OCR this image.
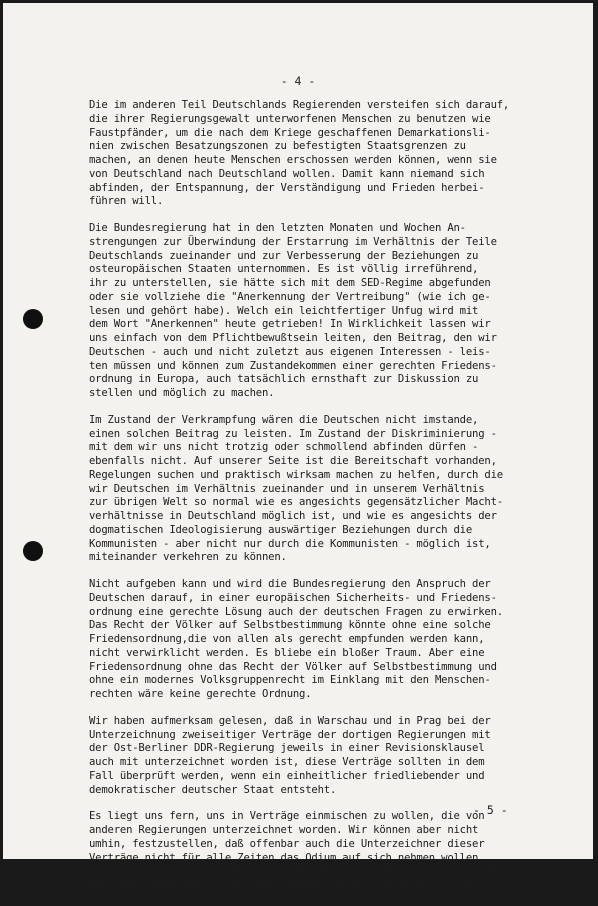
- 4 -

Die im anderen Teil Deutschlands Regierenden versteifen sich darauf,
die ihrer Regierungsgewalt unterworfenen Menschen zu benutzen wie
Faustpfänder, um die nach dem Kriege geschaffenen Demarkationsli-
nien zwischen Besatzungszonen zu befestigten Staatsgrenzen zu
machen, an denen heute Menschen erschossen werden können, wenn sie
von Deutschland nach Deutschland wollen. Damit kann niemand sich
abfinden, der Entspannung, der Verständigung und Frieden herbei-
führen will.
Die Bundesregierung hat in den letzten Monaten und Wochen An-
strengungen zur Überwindung der Erstarrung im Verhältnis der Teile
Deutschlands zueinander und zur Verbesserung der Beziehungen zu
osteuropäischen Staaten unternommen. Es ist völlig irreführend,
ihr zu unterstellen, sie hätte sich mit dem SED-Regime abgefunden
oder sie vollziehe die "Anerkennung der Vertreibung" (wie ich ge-
lesen und gehört habe). Welch ein leichtfertiger Unfug wird mit
dem Wort "Anerkennen" heute getrieben! In Wirklichkeit lassen wir
uns einfach von dem Pflichtbewußtsein leiten, den Beitrag, den wir
Deutschen - auch und nicht zuletzt aus eigenen Interessen - leis-
ten müssen und können zum Zustandekommen einer gerechten Friedens-
ordnung in Europa, auch tatsächlich ernsthaft zur Diskussion zu
stellen und möglich zu machen.
Im Zustand der Verkrampfung wären die Deutschen nicht imstande,
einen solchen Beitrag zu leisten. Im Zustand der Diskriminierung -
mit dem wir uns nicht trotzig oder schmollend abfinden dürfen -
ebenfalls nicht. Auf unserer Seite ist die Bereitschaft vorhanden,
Regelungen suchen und praktisch wirksam machen zu helfen, durch die
wir Deutschen im Verhältnis zueinander und in unserem Verhältnis
zur übrigen Welt so normal wie es angesichts gegensätzlicher Macht-
verhältnisse in Deutschland möglich ist, und wie es angesichts der
dogmatischen Ideologisierung auswärtiger Beziehungen durch die
Kommunisten - aber nicht nur durch die Kommunisten - möglich ist,
miteinander verkehren zu können.
Nicht aufgeben kann und wird die Bundesregierung den Anspruch der
Deutschen darauf, in einer europäischen Sicherheits- und Friedens-
ordnung eine gerechte Lösung auch der deutschen Fragen zu erwirken.
Das Recht der Völker auf Selbstbestimmung könnte ohne eine solche
Friedensordnung,die von allen als gerecht empfunden werden kann,
nicht verwirklicht werden. Es bliebe ein bloßer Traum. Aber eine
Friedensordnung ohne das Recht der Völker auf Selbstbestimmung und
ohne ein modernes Volksgruppenrecht im Einklang mit den Menschen-
rechten wäre keine gerechte Ordnung.
Wir haben aufmerksam gelesen, daß in Warschau und in Prag bei der
Unterzeichnung zweiseitiger Verträge der dortigen Regierungen mit
der Ost-Berliner DDR-Regierung jeweils in einer Revisionsklausel
auch mit unterzeichnet worden ist, diese Verträge sollten in dem
Fall überprüft werden, wenn ein einheitlicher friedliebender und
demokratischer deutscher Staat entsteht.
Es liegt uns fern, uns in Verträge einmischen zu wollen, die von
anderen Regierungen unterzeichnet worden. Wir können aber nicht
umhin, festzustellen, daß offenbar auch die Unterzeichner dieser
Verträge nicht für alle Zeiten das Odium auf sich nehmen wollen,
von zwei deutschen Völkern oder zwei deutschen Nationen zu sprechen.
Wenn die Sowjetunion sich entschließen könnte, an einem solchen

- 5 -
